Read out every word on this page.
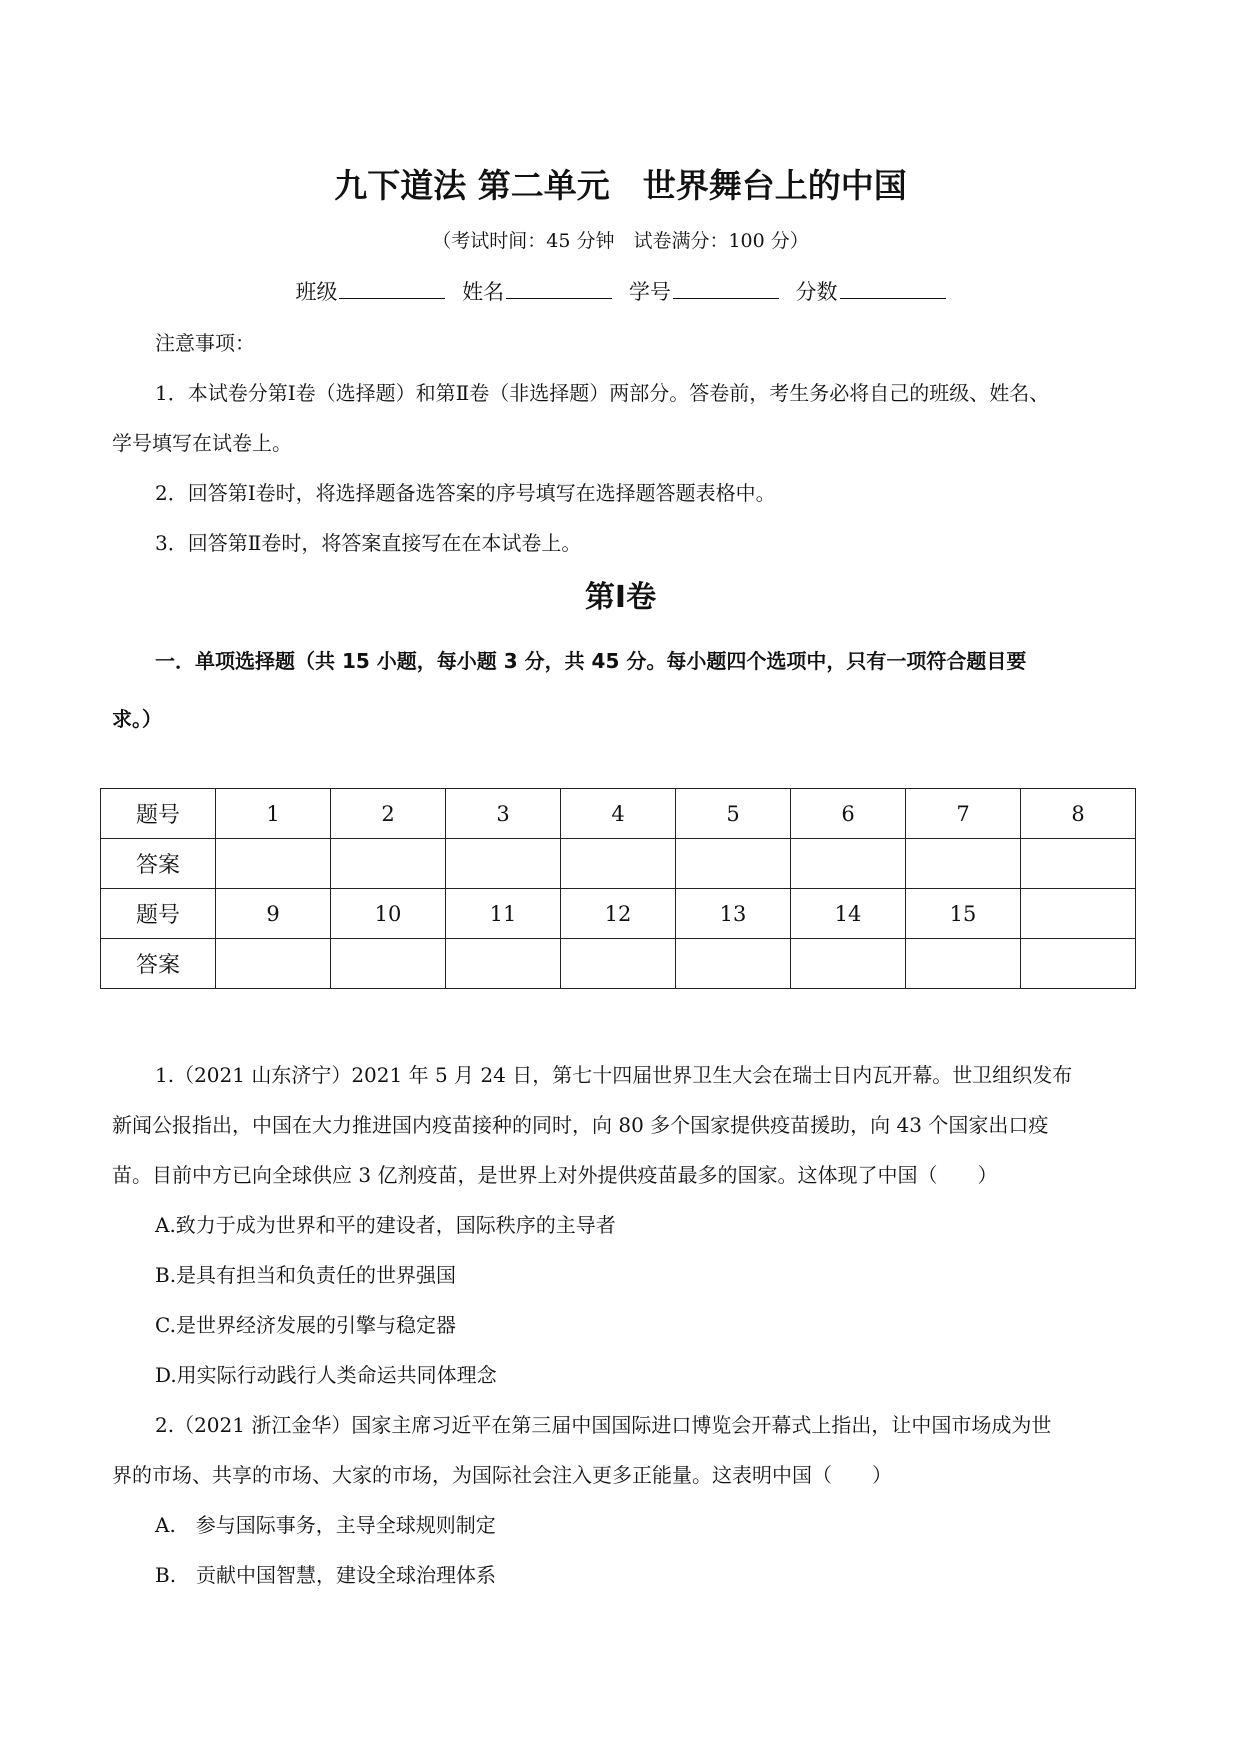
九下道法 第二单元　世界舞台上的中国
（考试时间：45 分钟　试卷满分：100 分）
班级	姓名	学号	分数
注意事项：
1．本试卷分第Ⅰ卷（选择题）和第Ⅱ卷（非选择题）两部分。答卷前，考生务必将自己的班级、姓名、
学号填写在试卷上。
2．回答第Ⅰ卷时，将选择题备选答案的序号填写在选择题答题表格中。
3．回答第Ⅱ卷时，将答案直接写在在本试卷上。
第Ⅰ卷
一．单项选择题（共 15 小题，每小题 3 分，共 45 分。每小题四个选项中，只有一项符合题目要
求。）
题号	1	2	3	4	5	6	7	8
答案								
题号	9	10	11	12	13	14	15	
答案								
1.（2021 山东济宁）2021 年 5 月 24 日，第七十四届世界卫生大会在瑞士日内瓦开幕。世卫组织发布
新闻公报指出，中国在大力推进国内疫苗接种的同时，向 80 多个国家提供疫苗援助，向 43 个国家出口疫
苗。目前中方已向全球供应 3 亿剂疫苗，是世界上对外提供疫苗最多的国家。这体现了中国（　　）
A.致力于成为世界和平的建设者，国际秩序的主导者
B.是具有担当和负责任的世界强国
C.是世界经济发展的引擎与稳定器
D.用实际行动践行人类命运共同体理念
2.（2021 浙江金华）国家主席习近平在第三届中国国际进口博览会开幕式上指出，让中国市场成为世
界的市场、共享的市场、大家的市场，为国际社会注入更多正能量。这表明中国（　　）
A.　参与国际事务，主导全球规则制定
B.　贡献中国智慧，建设全球治理体系
